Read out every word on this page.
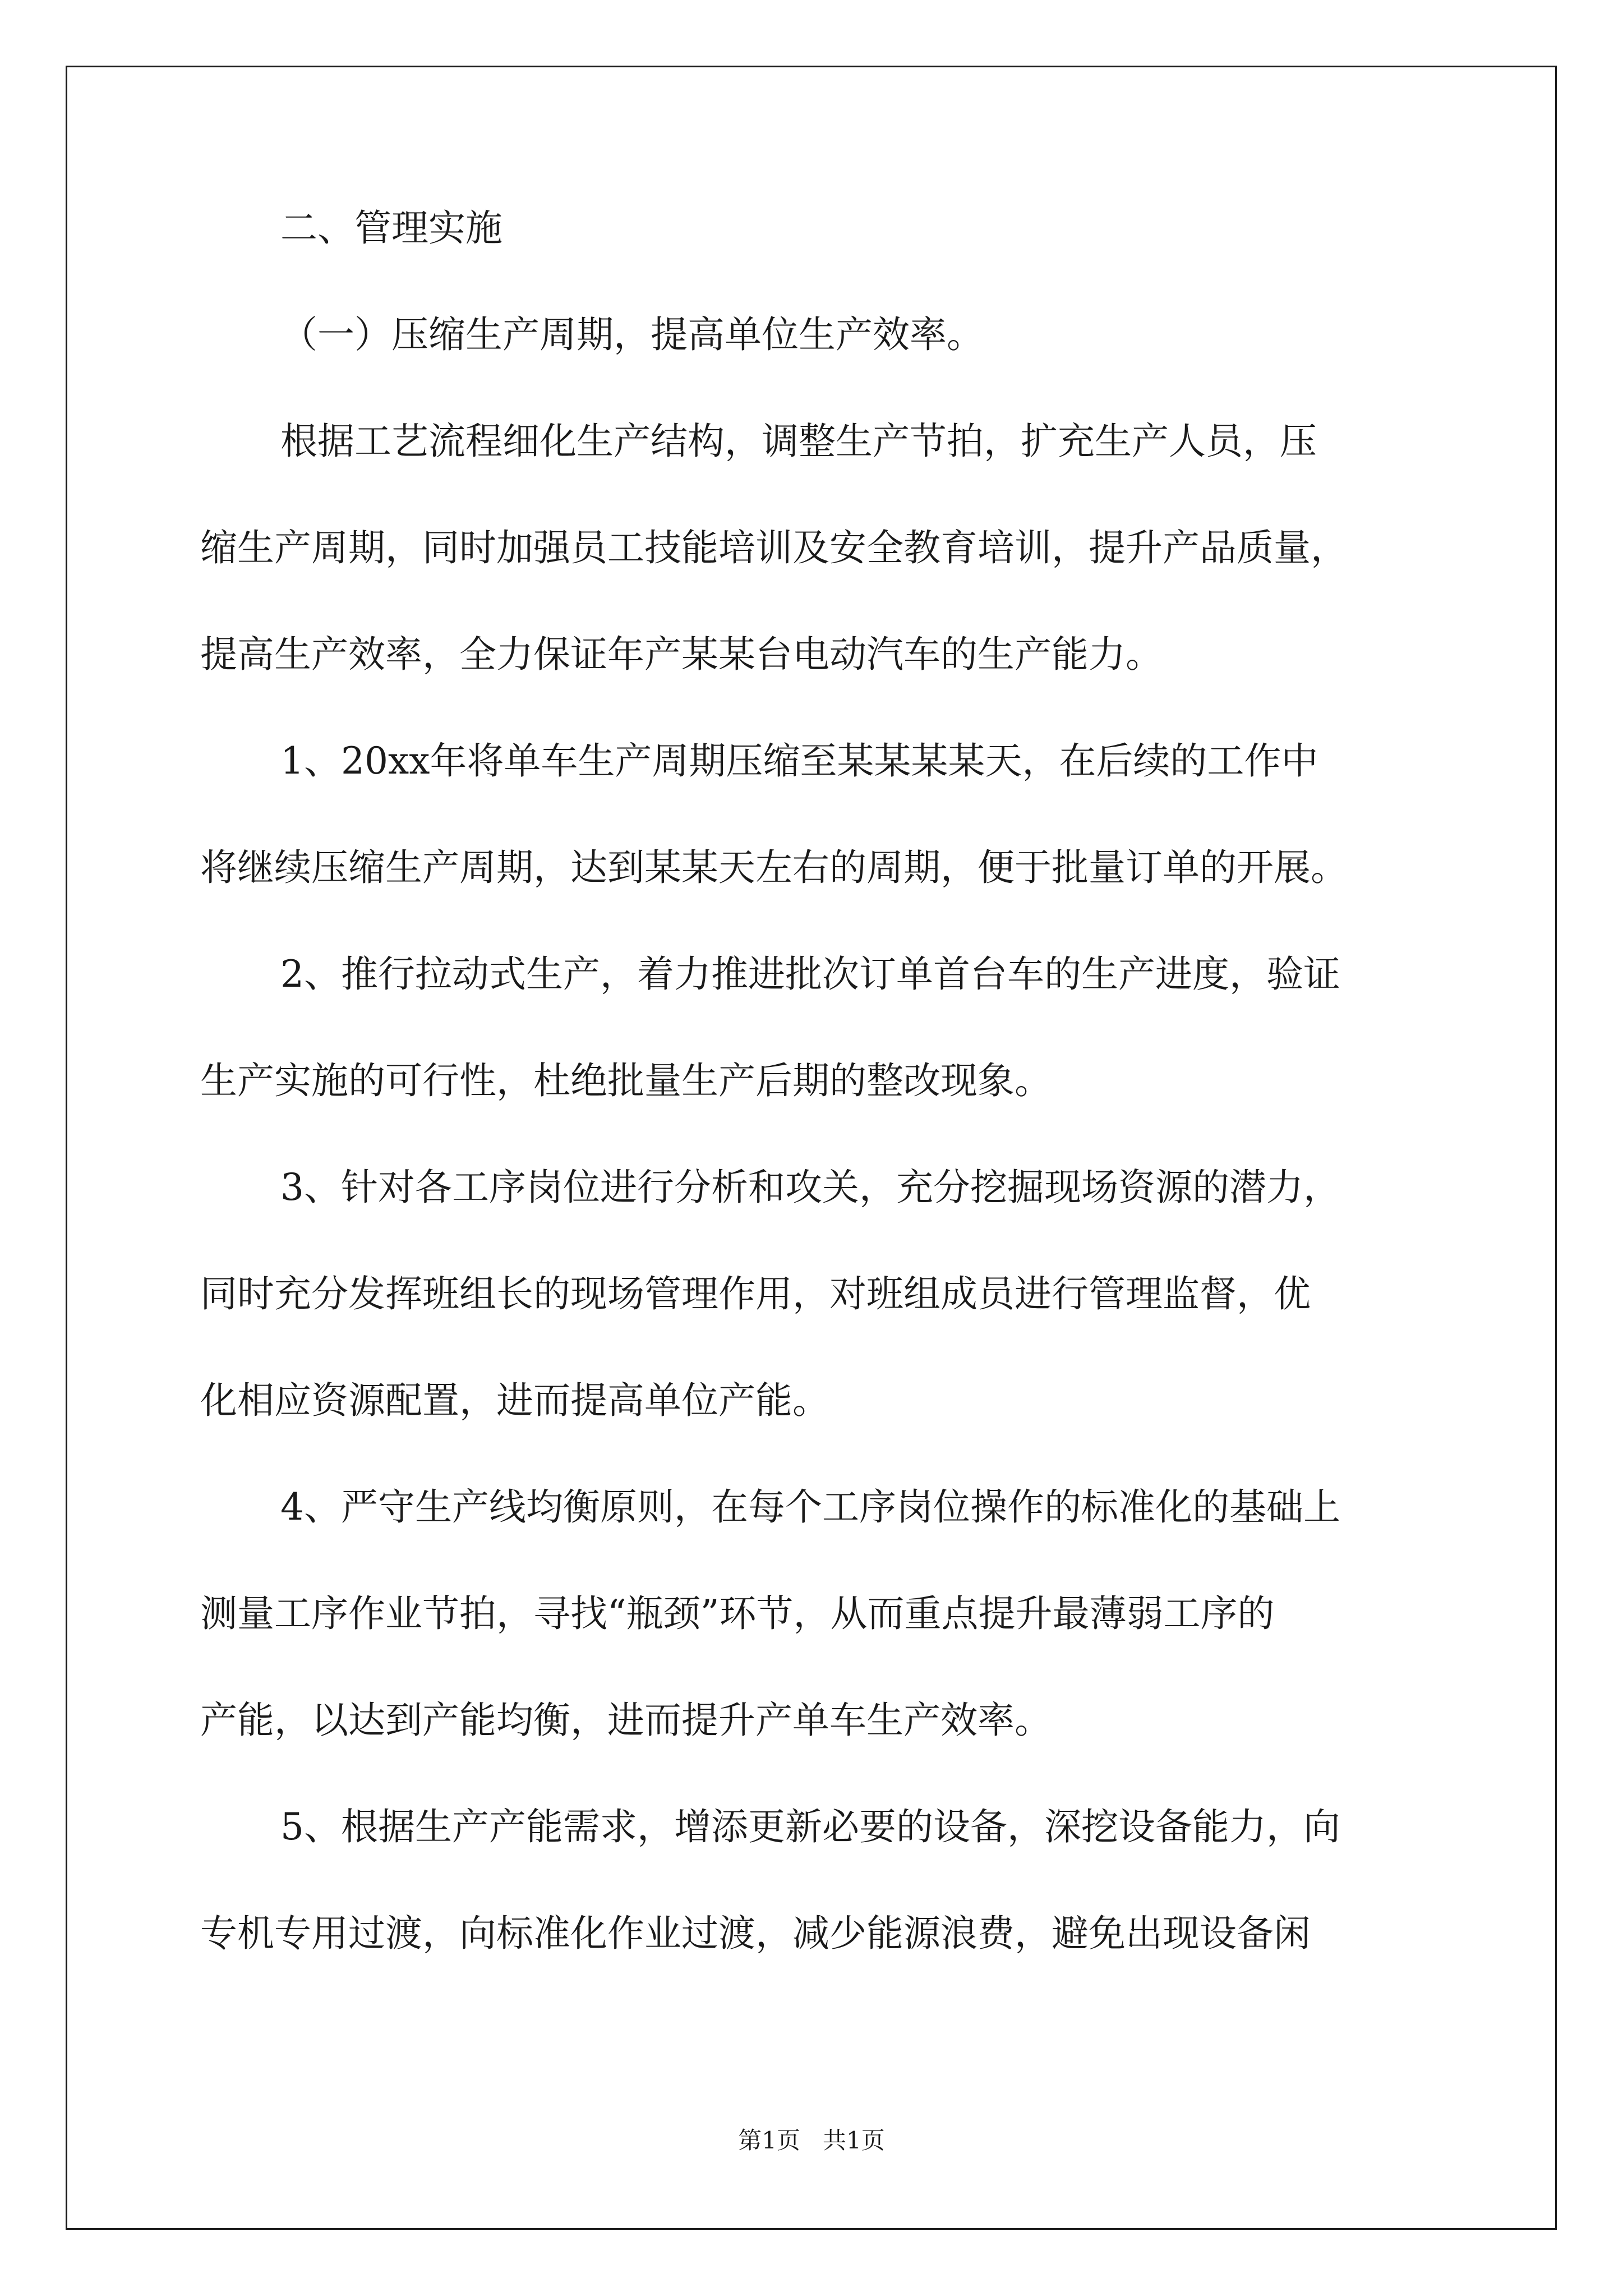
二、管理实施
（一）压缩生产周期，提高单位生产效率。
根据工艺流程细化生产结构，调整生产节拍，扩充生产人员，压
缩生产周期，同时加强员工技能培训及安全教育培训，提升产品质量，
提高生产效率，全力保证年产某某台电动汽车的生产能力。
1、20xx年将单车生产周期压缩至某某某某天，在后续的工作中
将继续压缩生产周期，达到某某天左右的周期，便于批量订单的开展。
2、推行拉动式生产，着力推进批次订单首台车的生产进度，验证
生产实施的可行性，杜绝批量生产后期的整改现象。
3、针对各工序岗位进行分析和攻关，充分挖掘现场资源的潜力，
同时充分发挥班组长的现场管理作用，对班组成员进行管理监督，优
化相应资源配置，进而提高单位产能。
4、严守生产线均衡原则，在每个工序岗位操作的标准化的基础上
测量工序作业节拍，寻找“瓶颈”环节，从而重点提升最薄弱工序的
产能，以达到产能均衡，进而提升产单车生产效率。
5、根据生产产能需求，增添更新必要的设备，深挖设备能力，向
专机专用过渡，向标准化作业过渡，减少能源浪费，避免出现设备闲
第1页   共1页
